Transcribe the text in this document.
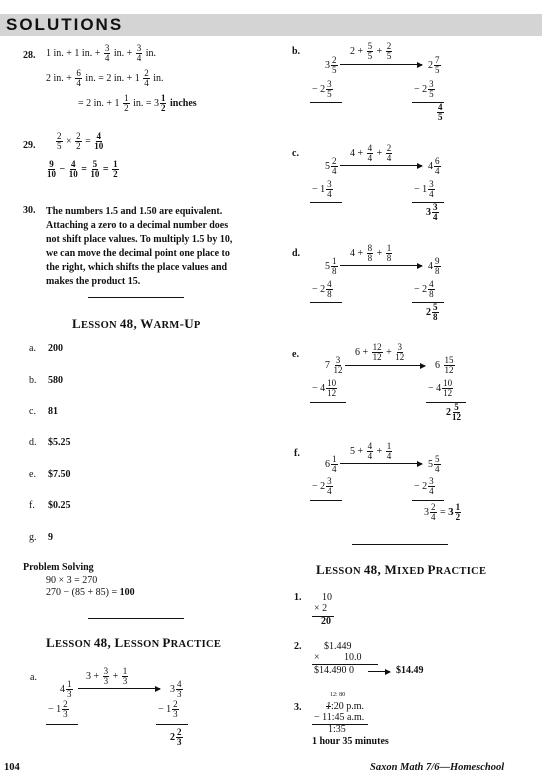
SOLUTIONS
28. 1 in. + 1 in. + $\frac{3}{4}$ in. + $\frac{3}{4}$ in.
2 in. + $\frac{6}{4}$ in. = 2 in. + $1 \frac{2}{4}$ in.
= 2 in. + $1 \frac{1}{2}$ in. = $3 \frac{1}{2}$ inches
29. $\frac{2}{5} \times \frac{2}{2} = \frac{4}{10}$
$\frac{9}{10} - \frac{4}{10} = \frac{5}{10} = \frac{1}{2}$
30. The numbers 1.5 and 1.50 are equivalent.
Attaching a zero to a decimal number does
not shift place values. To multiply 1.5 by 10,
we can move the decimal point one place to
the right, which shifts the place values and
makes the product 15.
LESSON 48, WARM-UP
a. 200
b. 580
c. 81
d. $5.25
e. $7.50
f. $0.25
g. 9
Problem Solving
90 × 3 = 270
270 − (85 + 85) = 100
LESSON 48, LESSON PRACTICE
a.	$3 + \frac{3}{3} + \frac{1}{3}$
$4 \frac{1}{3}$
− $1 \frac{2}{3}$
$3 \frac{4}{3}$
− $1 \frac{2}{3}$
$2 \frac{2}{3}$
b.	$2 + \frac{5}{5} + \frac{2}{5}$
$3 \frac{2}{5}$
− $2 \frac{3}{5}$
$2 \frac{7}{5}$
− $2 \frac{3}{5}$
$\frac{4}{5}$
c.	$4 + \frac{4}{4} + \frac{2}{4}$
$5 \frac{2}{4}$
− $1 \frac{3}{4}$
$4 \frac{6}{4}$
− $1 \frac{3}{4}$
$3 \frac{3}{4}$
d.	$4 + \frac{8}{8} + \frac{1}{8}$
$5 \frac{1}{8}$
− $2 \frac{4}{8}$
$4 \frac{9}{8}$
− $2 \frac{4}{8}$
$2 \frac{5}{8}$
e.	$6 + \frac{12}{12} + \frac{3}{12}$
$7 \frac{3}{12}$
− $4 \frac{10}{12}$
$6 \frac{15}{12}$
− $4 \frac{10}{12}$
$2 \frac{5}{12}$
f.	$5 + \frac{4}{4} + \frac{1}{4}$
$6 \frac{1}{4}$
− $2 \frac{3}{4}$
$5 \frac{5}{4}$
− $2 \frac{3}{4}$
$3 \frac{2}{4} = 3 \frac{1}{2}$
LESSON 48, MIXED PRACTICE
1. 10
× 2
20
2. $1.449
× 10.0
$14.490 0	$14.49
3.
12: 80
1:20 p.m.
− 11:45 a.m.
1:35
1 hour 35 minutes
104	Saxon Math 7/6—Homeschool
